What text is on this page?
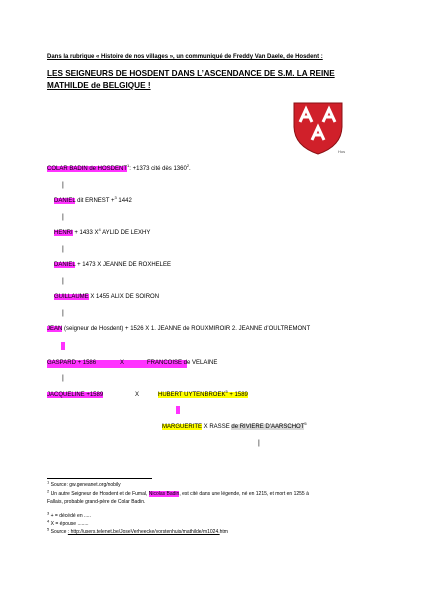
Dans la rubrique « Histoire de nos villages », un communiqué de Freddy Van Daele, de Hosdent :
LES SEIGNEURS DE HOSDENT DANS L’ASCENDANCE DE S.M. LA REINE MATHILDE de BELGIQUE !
Hos
COLAR BADIN de $HOSDENT^1$: +1373 cité dès 1360$^2$.
|
DANIEL dit ERNEST +$^3$ 1442
|
HENRI + 1433 $X^4$ AYLID DE LEXHY
|
DANIEL + 1473 X JEANNE DE ROXHELEE
|
GUILLAUME X 1455 ALIX DE SOIRON
|
JEAN (seigneur de Hosdent) + 1526 X 1. JEANNE de ROUXMIROIR 2. JEANNE d’OULTREMONT
GASPARD + 1586	X	FRANCOISE de VELAINE
|
JACQUELINE +1589	X	HUBERT $UYTENBROEK^5 + 1589$
MARGUERITE X RASSE de RIVIERE D’AARSCHOT$^5$
|
$^1$ Source: gw.geneanet.org/nobily
$^2$ Un autre Seigneur de Hosdent et de Fumal, Nicolas Badin, est cité dans une légende, né en 1215, et mort en 1255 à
Fallais, probable grand-père de Colar Badin.
$^3$ + = décédé en .....
$^4$ X = épouse ........
$^5$ Source : http://users.telenet.be/JoseVerheecke/vorstenhuis/mathilde/m1024.htm
